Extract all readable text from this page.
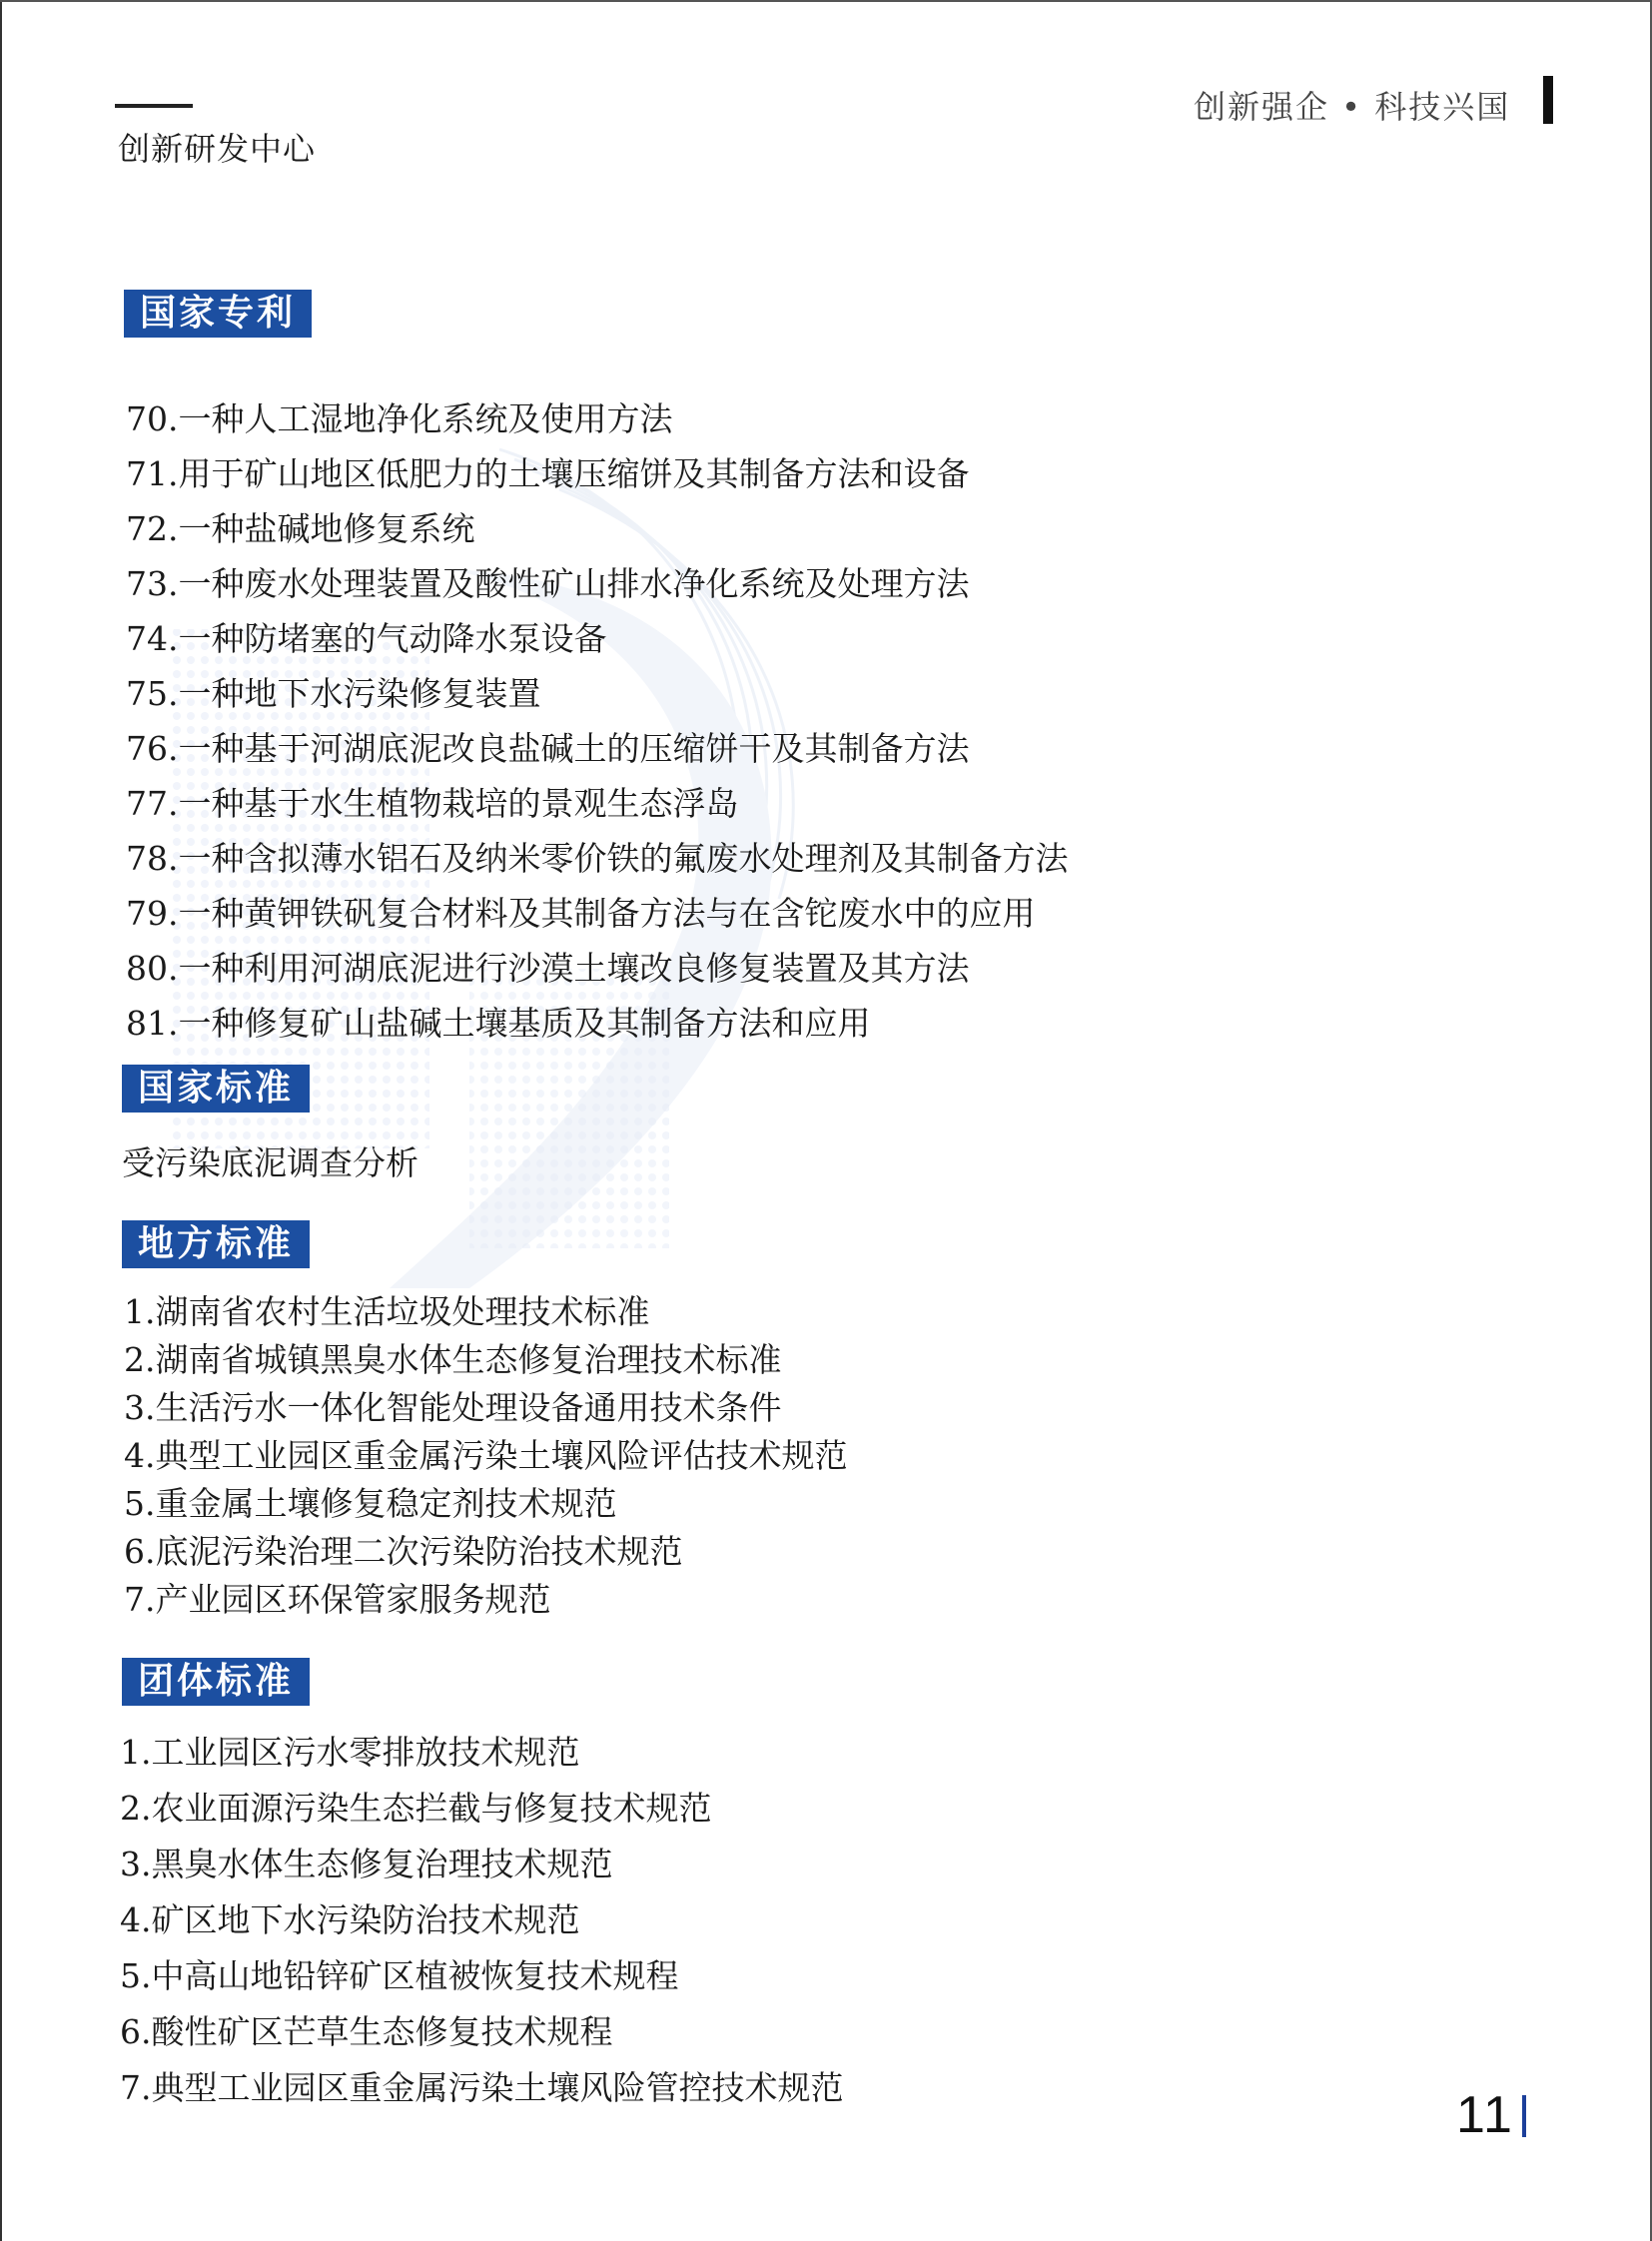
创新研发中心
创新强企 • 科技兴国
国家专利
70.一种人工湿地净化系统及使用方法
71.用于矿山地区低肥力的土壤压缩饼及其制备方法和设备
72.一种盐碱地修复系统
73.一种废水处理装置及酸性矿山排水净化系统及处理方法
74.一种防堵塞的气动降水泵设备
75.一种地下水污染修复装置
76.一种基于河湖底泥改良盐碱土的压缩饼干及其制备方法
77.一种基于水生植物栽培的景观生态浮岛
78.一种含拟薄水铝石及纳米零价铁的氟废水处理剂及其制备方法
79.一种黄钾铁矾复合材料及其制备方法与在含铊废水中的应用
80.一种利用河湖底泥进行沙漠土壤改良修复装置及其方法
81.一种修复矿山盐碱土壤基质及其制备方法和应用
国家标准
受污染底泥调查分析
地方标准
1.湖南省农村生活垃圾处理技术标准
2.湖南省城镇黑臭水体生态修复治理技术标准
3.生活污水一体化智能处理设备通用技术条件
4.典型工业园区重金属污染土壤风险评估技术规范
5.重金属土壤修复稳定剂技术规范
6.底泥污染治理二次污染防治技术规范
7.产业园区环保管家服务规范
团体标准
1.工业园区污水零排放技术规范
2.农业面源污染生态拦截与修复技术规范
3.黑臭水体生态修复治理技术规范
4.矿区地下水污染防治技术规范
5.中高山地铅锌矿区植被恢复技术规程
6.酸性矿区芒草生态修复技术规程
7.典型工业园区重金属污染土壤风险管控技术规范	11
